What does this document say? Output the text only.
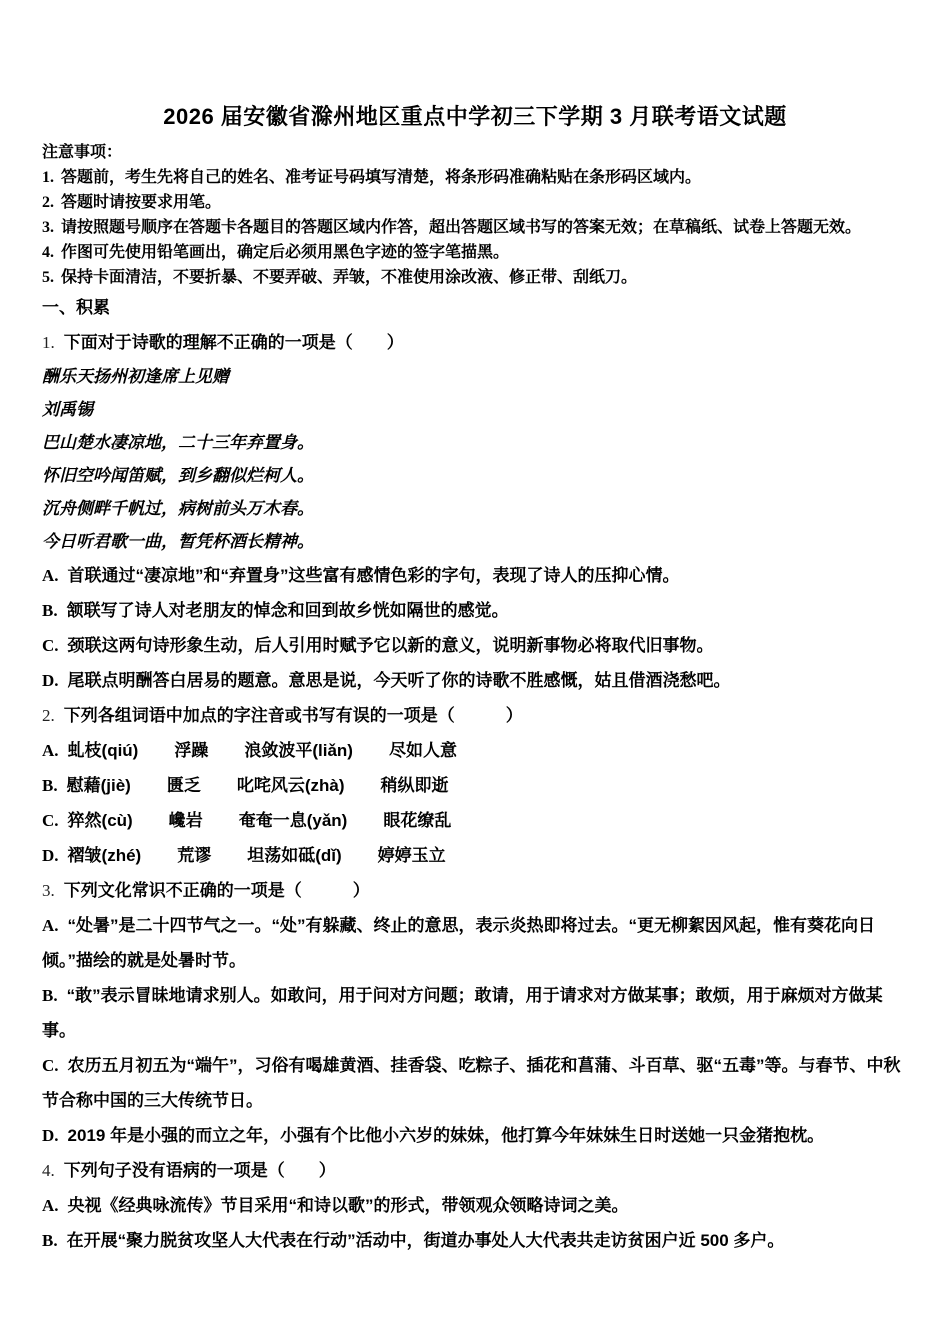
2026 届安徽省滁州地区重点中学初三下学期 3 月联考语文试题

注意事项：

1. 答题前，考生先将自己的姓名、准考证号码填写清楚，将条形码准确粘贴在条形码区域内。

2. 答题时请按要求用笔。

3. 请按照题号顺序在答题卡各题目的答题区域内作答，超出答题区域书写的答案无效；在草稿纸、试卷上答题无效。

4. 作图可先使用铅笔画出，确定后必须用黑色字迹的签字笔描黑。

5. 保持卡面清洁，不要折暴、不要弄破、弄皱，不准使用涂改液、修正带、刮纸刀。

一、积累

1. 下面对于诗歌的理解不正确的一项是（　　）

酬乐天扬州初逢席上见赠

刘禹锡

巴山楚水凄凉地，二十三年弃置身。

怀旧空吟闻笛赋，到乡翻似烂柯人。

沉舟侧畔千帆过，病树前头万木春。

今日听君歌一曲，暂凭杯酒长精神。

A. 首联通过“凄凉地”和“弃置身”这些富有感情色彩的字句，表现了诗人的压抑心情。

B. 颔联写了诗人对老朋友的悼念和回到故乡恍如隔世的感觉。

C. 颈联这两句诗形象生动，后人引用时赋予它以新的意义，说明新事物必将取代旧事物。

D. 尾联点明酬答白居易的题意。意思是说，今天听了你的诗歌不胜感慨，姑且借酒浇愁吧。

2. 下列各组词语中加点的字注音或书写有误的一项是（　　　）

A. 虬枝(qiú) 浮躁 浪敛波平(liǎn) 尽如人意

B. 慰藉(jiè) 匮乏 叱咤风云(zhà) 稍纵即逝

C. 猝然(cù) 巉岩 奄奄一息(yǎn) 眼花缭乱

D. 褶皱(zhé) 荒谬 坦荡如砥(dǐ) 婷婷玉立

3. 下列文化常识不正确的一项是（　　　）

A. “处暑”是二十四节气之一。“处”有躲藏、终止的意思，表示炎热即将过去。“更无柳絮因风起，惟有葵花向日倾。”描绘的就是处暑时节。

B. “敢”表示冒昧地请求别人。如敢问，用于问对方问题；敢请，用于请求对方做某事；敢烦，用于麻烦对方做某事。

C. 农历五月初五为“端午”，习俗有喝雄黄酒、挂香袋、吃粽子、插花和菖蒲、斗百草、驱“五毒”等。与春节、中秋节合称中国的三大传统节日。

D. 2019 年是小强的而立之年，小强有个比他小六岁的妹妹，他打算今年妹妹生日时送她一只金猪抱枕。

4. 下列句子没有语病的一项是（　　）

A. 央视《经典咏流传》节目采用“和诗以歌”的形式，带领观众领略诗词之美。

B. 在开展“聚力脱贫攻坚人大代表在行动”活动中，街道办事处人大代表共走访贫困户近 500 多户。
